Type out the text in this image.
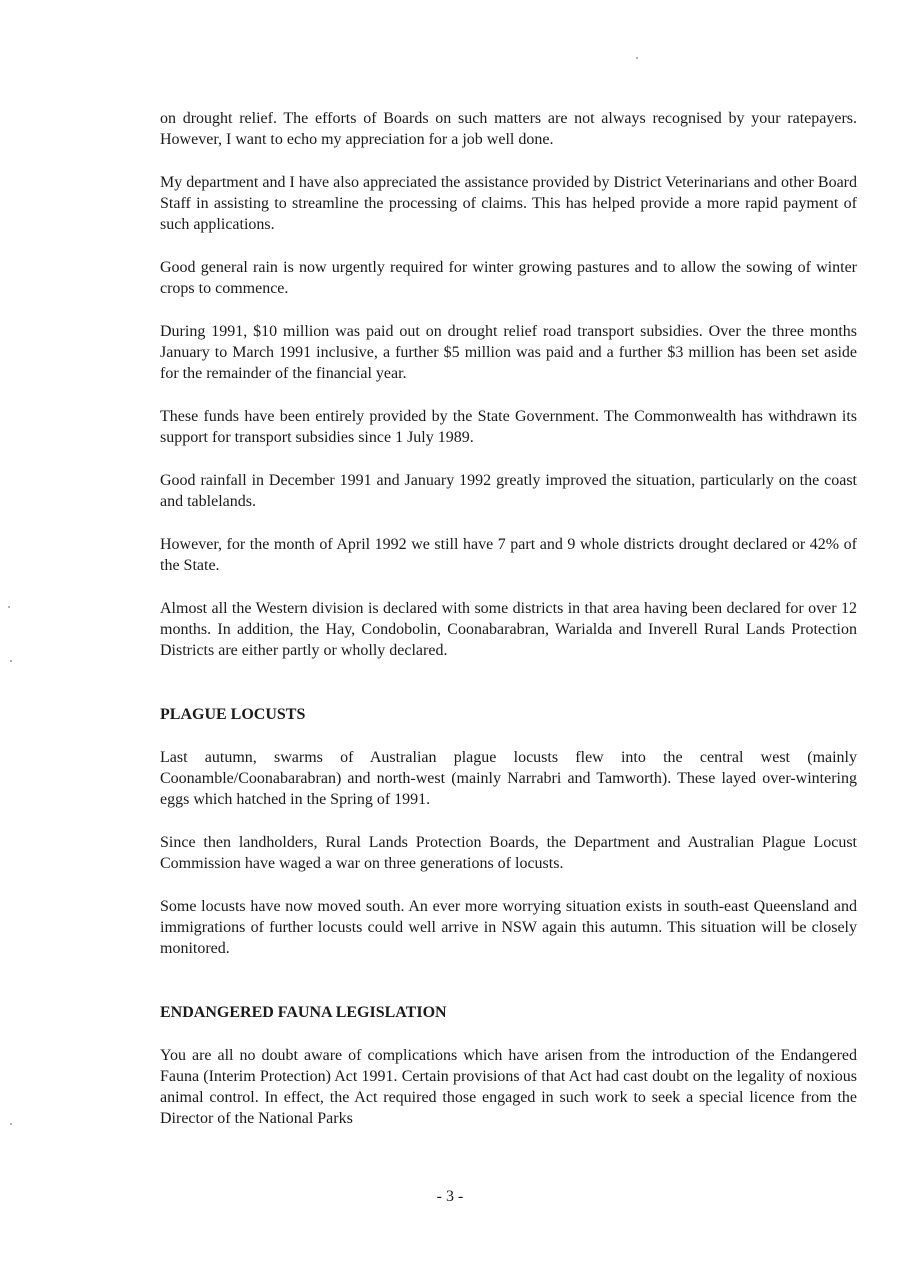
on drought relief. The efforts of Boards on such matters are not always recognised by your ratepayers. However, I want to echo my appreciation for a job well done.

My department and I have also appreciated the assistance provided by District Veterinarians and other Board Staff in assisting to streamline the processing of claims. This has helped provide a more rapid payment of such applications.

Good general rain is now urgently required for winter growing pastures and to allow the sowing of winter crops to commence.

During 1991, $10 million was paid out on drought relief road transport subsidies. Over the three months January to March 1991 inclusive, a further $5 million was paid and a further $3 million has been set aside for the remainder of the financial year.

These funds have been entirely provided by the State Government. The Commonwealth has withdrawn its support for transport subsidies since 1 July 1989.

Good rainfall in December 1991 and January 1992 greatly improved the situation, particularly on the coast and tablelands.

However, for the month of April 1992 we still have 7 part and 9 whole districts drought declared or 42% of the State.

Almost all the Western division is declared with some districts in that area having been declared for over 12 months. In addition, the Hay, Condobolin, Coonabarabran, Warialda and Inverell Rural Lands Protection Districts are either partly or wholly declared.

PLAGUE LOCUSTS

Last autumn, swarms of Australian plague locusts flew into the central west (mainly Coonamble/Coonabarabran) and north-west (mainly Narrabri and Tamworth). These layed over-wintering eggs which hatched in the Spring of 1991.

Since then landholders, Rural Lands Protection Boards, the Department and Australian Plague Locust Commission have waged a war on three generations of locusts.

Some locusts have now moved south. An ever more worrying situation exists in south-east Queensland and immigrations of further locusts could well arrive in NSW again this autumn. This situation will be closely monitored.

ENDANGERED FAUNA LEGISLATION

You are all no doubt aware of complications which have arisen from the introduction of the Endangered Fauna (Interim Protection) Act 1991. Certain provisions of that Act had cast doubt on the legality of noxious animal control. In effect, the Act required those engaged in such work to seek a special licence from the Director of the National Parks

- 3 -
